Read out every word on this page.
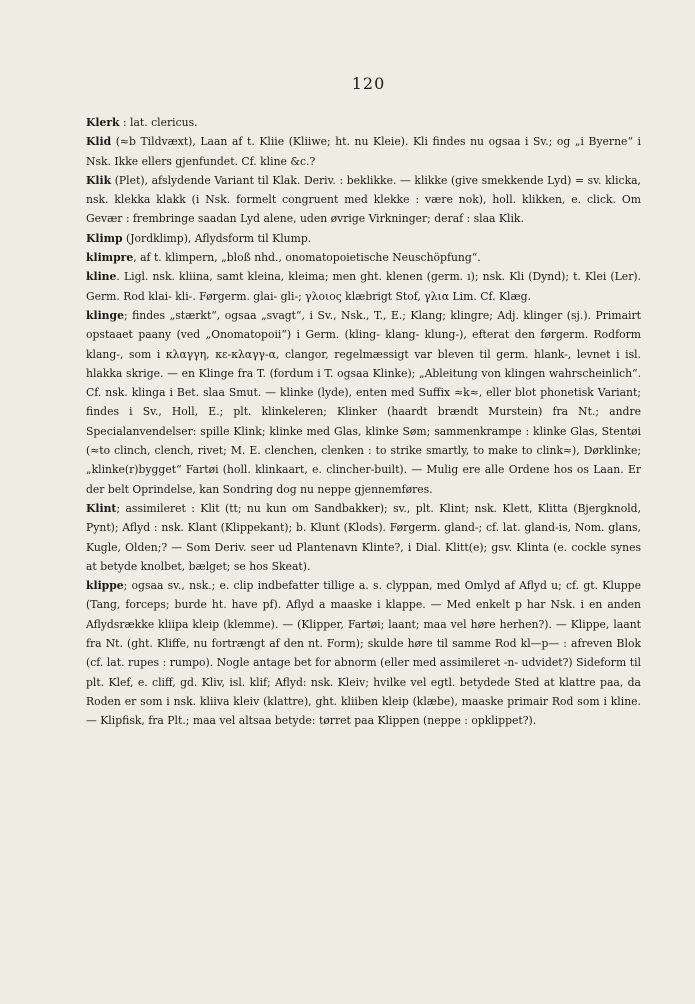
120

Klerk : lat. clericus.

Klid (≈b Tildvæxt), Laan af t. Kliie (Kliiwe; ht. nu Kleie). Kli findes nu ogsaa i Sv.; og „i Byerne“ i Nsk. Ikke ellers gjenfundet. Cf. kline &c.?

Klik (Plet), afslydende Variant til Klak. Deriv. : beklikke. — klikke (give smekkende Lyd) = sv. klicka, nsk. klekka klakk (i Nsk. formelt congruent med klekke : være nok), holl. klikken, e. click. Om Gevær : frembringe saadan Lyd alene, uden øvrige Virkninger; deraf : slaa Klik.

Klimp (Jordklimp), Aflydsform til Klump.

klimpre, af t. klimpern, „bloß nhd., onomatopoietische Neuschöpfung“.

kline. Ligl. nsk. kliina, samt kleina, kleima; men ght. klenen (germ. ı); nsk. Kli (Dynd); t. Klei (Ler). Germ. Rod klai- kli-. Førgerm. glai- gli-; γλοιος klæbrigt Stof, γλια Lim. Cf. Klæg.

klinge; findes „stærkt“, ogsaa „svagt“, i Sv., Nsk., T., E.; Klang; klingre; Adj. klinger (sj.). Primairt opstaaet paany (ved „Onomatopoii“) i Germ. (kling- klang- klung-), efterat den førgerm. Rodform klang-, som i κλαγγη, κε-κλαγγ-α, clangor, regelmæssigt var bleven til germ. hlank-, levnet i isl. hlakka skrige. — en Klinge fra T. (fordum i T. ogsaa Klinke); „Ableitung von klingen wahrscheinlich“. Cf. nsk. klinga i Bet. slaa Smut. — klinke (lyde), enten med Suffix ≈k≈, eller blot phonetisk Variant; findes i Sv., Holl, E.; plt. klinkeleren; Klinker (haardt brændt Murstein) fra Nt.; andre Specialanvendelser: spille Klink; klinke med Glas, klinke Søm; sammenkrampe : klinke Glas, Stentøi (≈to clinch, clench, rivet; M. E. clenchen, clenken : to strike smartly, to make to clink≈), Dørklinke; „klinke(r)bygget“ Fartøi (holl. klinkaart, e. clincher-built). — Mulig ere alle Ordene hos os Laan. Er der belt Oprindelse, kan Sondring dog nu neppe gjennemføres.

Klint; assimileret : Klit (tt; nu kun om Sandbakker); sv., plt. Klint; nsk. Klett, Klitta (Bjergknold, Pynt); Aflyd : nsk. Klant (Klippekant); b. Klunt (Klods). Førgerm. gland-; cf. lat. gland-is, Nom. glans, Kugle, Olden;? — Som Deriv. seer ud Plantenavn Klinte?, i Dial. Klitt(e); gsv. Klinta (e. cockle synes at betyde knolbet, bælget; se hos Skeat).

klippe; ogsaa sv., nsk.; e. clip indbefatter tillige a. s. clyppan, med Omlyd af Aflyd u; cf. gt. Kluppe (Tang, forceps; burde ht. have pf). Aflyd a maaske i klappe. — Med enkelt p har Nsk. i en anden Aflydsrække kliipa kleip (klemme). — (Klipper, Fartøi; laant; maa vel høre herhen?). — Klippe, laant fra Nt. (ght. Kliffe, nu fortrængt af den nt. Form); skulde høre til samme Rod kl—p— : afreven Blok (cf. lat. rupes : rumpo). Nogle antage bet for abnorm (eller med assimileret -n- udvidet?) Sideform til plt. Klef, e. cliff, gd. Kliv, isl. klif; Aflyd: nsk. Kleiv; hvilke vel egtl. betydede Sted at klattre paa, da Roden er som i nsk. kliiva kleiv (klattre), ght. kliiben kleip (klæbe), maaske primair Rod som i kline. — Klipfisk, fra Plt.; maa vel altsaa betyde: tørret paa Klippen (neppe : opklippet?).
